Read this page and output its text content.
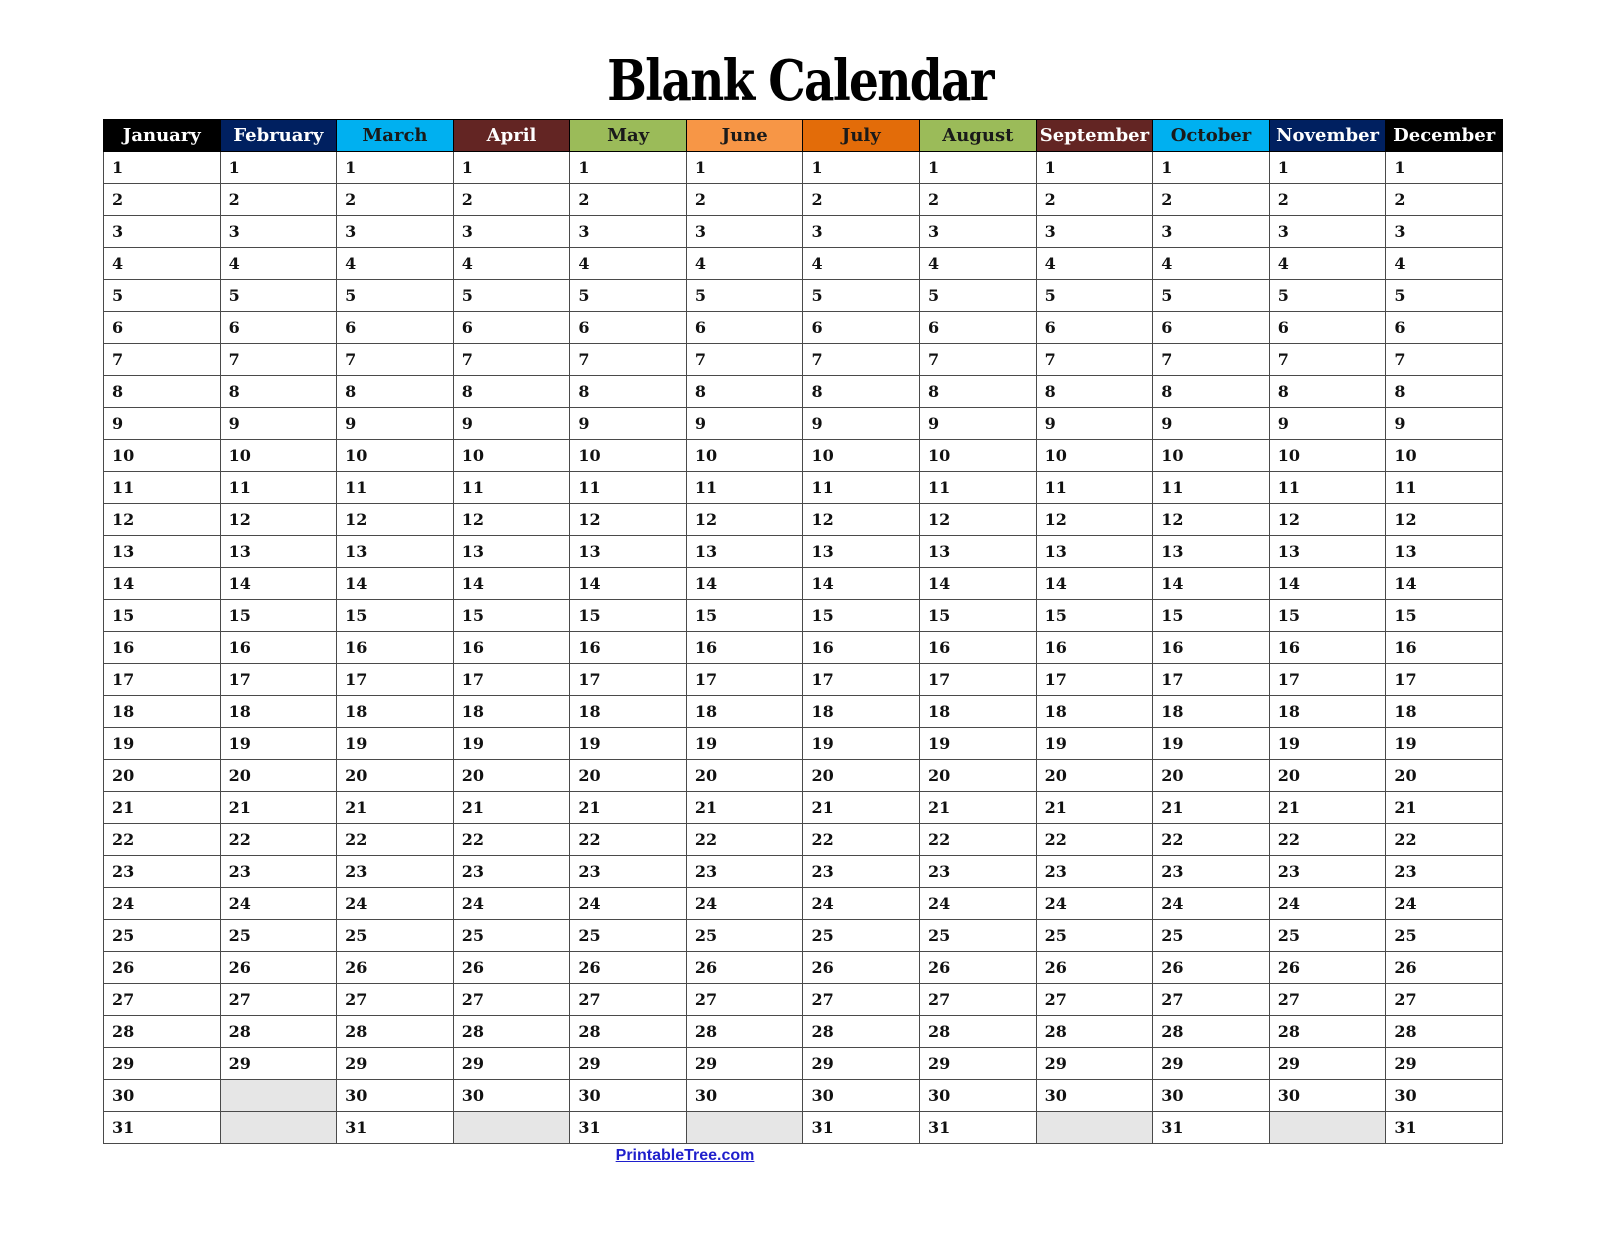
Blank Calendar
January	February	March	April	May	June	July	August	September	October	November	December
1	1	1	1	1	1	1	1	1	1	1	1
2	2	2	2	2	2	2	2	2	2	2	2
3	3	3	3	3	3	3	3	3	3	3	3
4	4	4	4	4	4	4	4	4	4	4	4
5	5	5	5	5	5	5	5	5	5	5	5
6	6	6	6	6	6	6	6	6	6	6	6
7	7	7	7	7	7	7	7	7	7	7	7
8	8	8	8	8	8	8	8	8	8	8	8
9	9	9	9	9	9	9	9	9	9	9	9
10	10	10	10	10	10	10	10	10	10	10	10
11	11	11	11	11	11	11	11	11	11	11	11
12	12	12	12	12	12	12	12	12	12	12	12
13	13	13	13	13	13	13	13	13	13	13	13
14	14	14	14	14	14	14	14	14	14	14	14
15	15	15	15	15	15	15	15	15	15	15	15
16	16	16	16	16	16	16	16	16	16	16	16
17	17	17	17	17	17	17	17	17	17	17	17
18	18	18	18	18	18	18	18	18	18	18	18
19	19	19	19	19	19	19	19	19	19	19	19
20	20	20	20	20	20	20	20	20	20	20	20
21	21	21	21	21	21	21	21	21	21	21	21
22	22	22	22	22	22	22	22	22	22	22	22
23	23	23	23	23	23	23	23	23	23	23	23
24	24	24	24	24	24	24	24	24	24	24	24
25	25	25	25	25	25	25	25	25	25	25	25
26	26	26	26	26	26	26	26	26	26	26	26
27	27	27	27	27	27	27	27	27	27	27	27
28	28	28	28	28	28	28	28	28	28	28	28
29	29	29	29	29	29	29	29	29	29	29	29
30		30	30	30	30	30	30	30	30	30	30
31		31		31		31	31		31		31
PrintableTree.com
